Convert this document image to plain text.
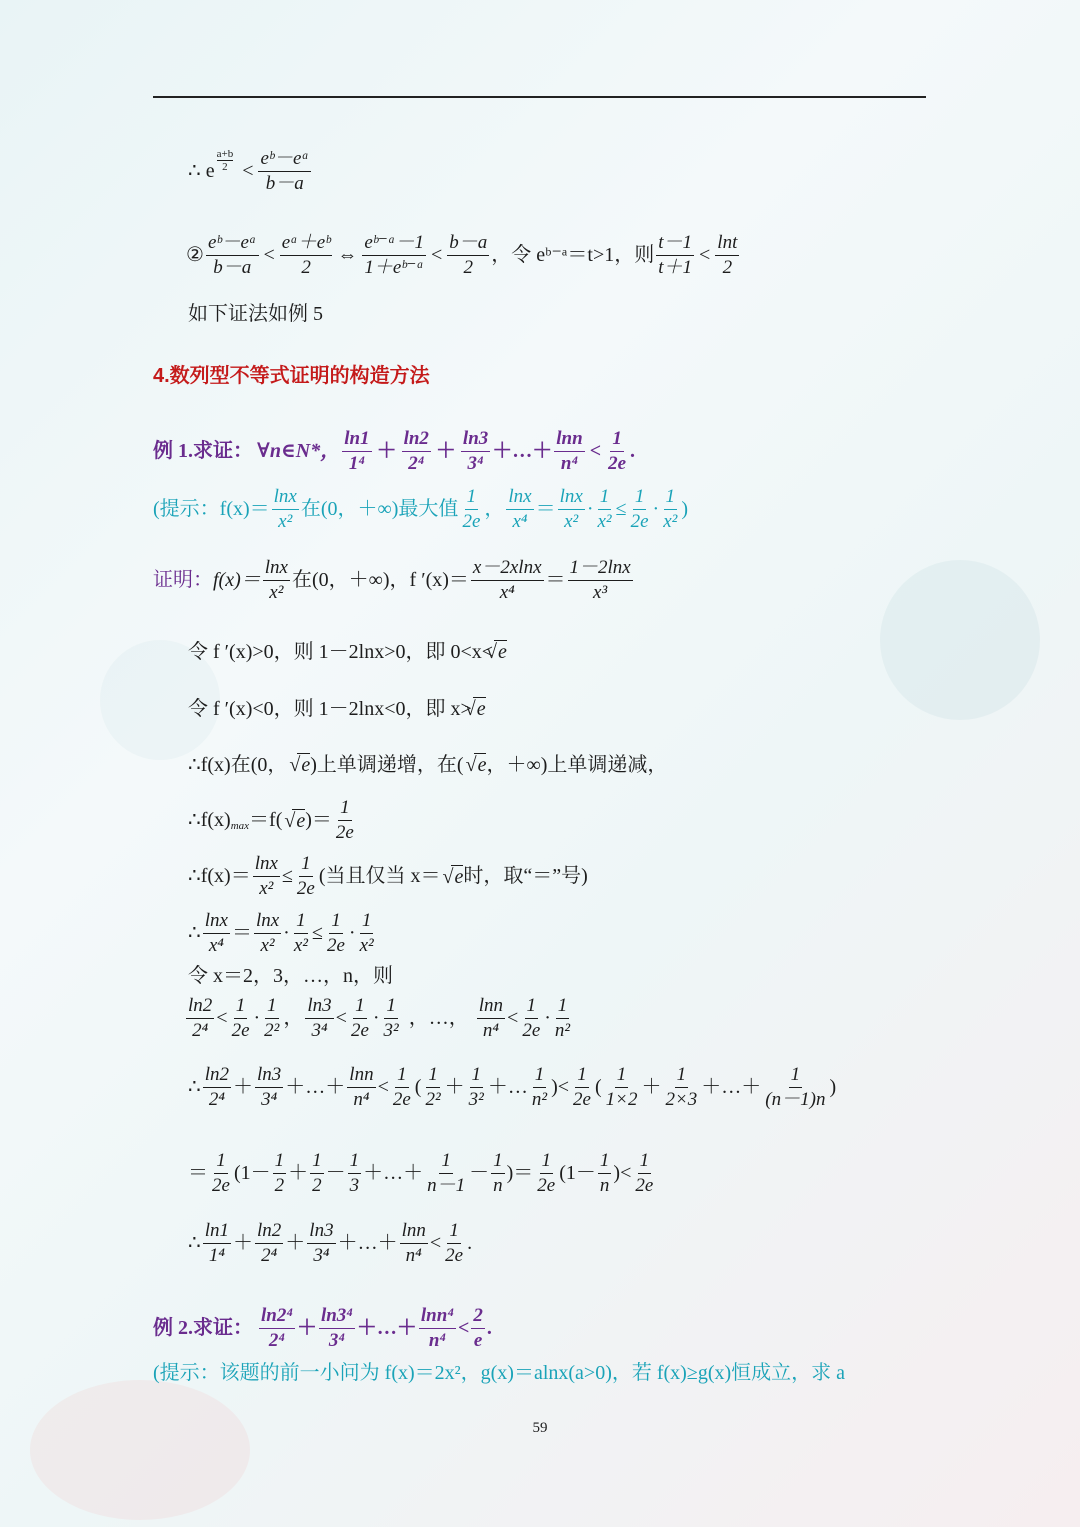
∴ e $\frac{a+b}{2} < \frac{\text{eᵇ－eᵃ}}{b-a}$
② $\frac{\text{eᵇ－eᵃ}}{b-a} < \frac{\text{eᵃ＋eᵇ}}{2}$ ⇔ $\frac{\text{eᵇ⁻ᵃ－1}}{\text{1＋eᵇ⁻ᵃ}} < \frac{b-a}{2}$ ，令 eᵇ⁻ᵃ＝t>1，则 $\frac{t-1}{t+1} < \frac{\ln t}{2}$
如下证法如例 5
4.数列型不等式证明的构造方法
例 1.求证： ∀n∈N*， $\frac{\ln 1}{\text{1⁴}} + \frac{\ln 2}{\text{2⁴}} + \frac{\ln 3}{\text{3⁴}}$ ＋…＋ $\frac{\ln n}{\text{n⁴}} < \frac{1}{2e}$ .
(提示：$f(x)= \frac{\ln x}{\text{x²}}$ 在(0，＋∞)最大值 $\frac{1}{2e}$ ， $\frac{\ln x}{\text{x⁴}} = \frac{\ln x}{\text{x²}} \cdot \frac{1}{\text{x²}} \le \frac{1}{2e} \cdot \frac{1}{\text{x²}}$ )
证明： $f(x)= \frac{\ln x}{\text{x²}}$ 在(0，＋∞)，f $'(x)= \frac{x-2xlnx}{\text{x⁴}} = \frac{1-2\ln x}{\text{x³}}$
令 f ′(x)>0，则 1－2lnx>0，即 0<x< √ e
令 f ′(x)<0，则 1－2lnx<0，即 x> √ e
∴f(x)在(0， √ e )上单调递增，在( √ e ，＋∞)上单调递减，
$\therefore f(x)_{max} =f$( √ e )＝ $\frac{1}{2e}$
∴f(x)＝ $\frac{\ln x}{\text{x²}} \le \frac{1}{2e}$ (当且仅当 x＝ √ e 时，取“＝”号)
∴ $\frac{\ln x}{\text{x⁴}} = \frac{\ln x}{\text{x²}} \cdot \frac{1}{\text{x²}} \le \frac{1}{2e} \cdot \frac{1}{\text{x²}}$
令 x＝2，3，…，n，则
$\frac{\ln 2}{\text{2⁴}} < \frac{1}{2e} \cdot \frac{1}{\text{2²}}$ ， $\frac{\ln 3}{\text{3⁴}} < \frac{1}{2e} \cdot \frac{1}{\text{3²}}$ ，…， $\frac{\ln n}{\text{n⁴}} < \frac{1}{2e} \cdot \frac{1}{\text{n²}}$
∴ $\frac{\ln 2}{\text{2⁴}} + \frac{\ln 3}{\text{3⁴}}$ ＋…＋ $\frac{\ln n}{\text{n⁴}} < \frac{1}{2e}$ ( $\frac{1}{\text{2²}} + \frac{1}{\text{3²}}$ ＋… $\frac{1}{\text{n²}}$ )< $\frac{1}{2e}$ ( $\frac{1}{1\times 2} + \frac{1}{2\times 3}$ ＋…＋ $\frac{1}{(n-1)n}$ )
＝ $\frac{1}{2e} (1- \frac{1}{2} + \frac{1}{2} - \frac{1}{3}$ ＋…＋ $\frac{1}{n-1} - \frac{1}{n}$ )＝ $\frac{1}{2e} (1- \frac{1}{n}$ )< $\frac{1}{2e}$
∴ $\frac{\ln 1}{\text{1⁴}} + \frac{\ln 2}{\text{2⁴}} + \frac{\ln 3}{\text{3⁴}}$ ＋…＋ $\frac{\ln n}{\text{n⁴}} < \frac{1}{2e}$ .
例 2.求证： $\frac{\text{ln2⁴}}{\text{2⁴}} + \frac{\text{ln3⁴}}{\text{3⁴}}$ ＋…＋ $\frac{\text{lnn⁴}}{\text{n⁴}} < \frac{2}{e}$ .
(提示：该题的前一小问为 f(x)＝2x²，g(x)＝alnx(a>0)，若 f(x)≥g(x)恒成立，求 a
59
